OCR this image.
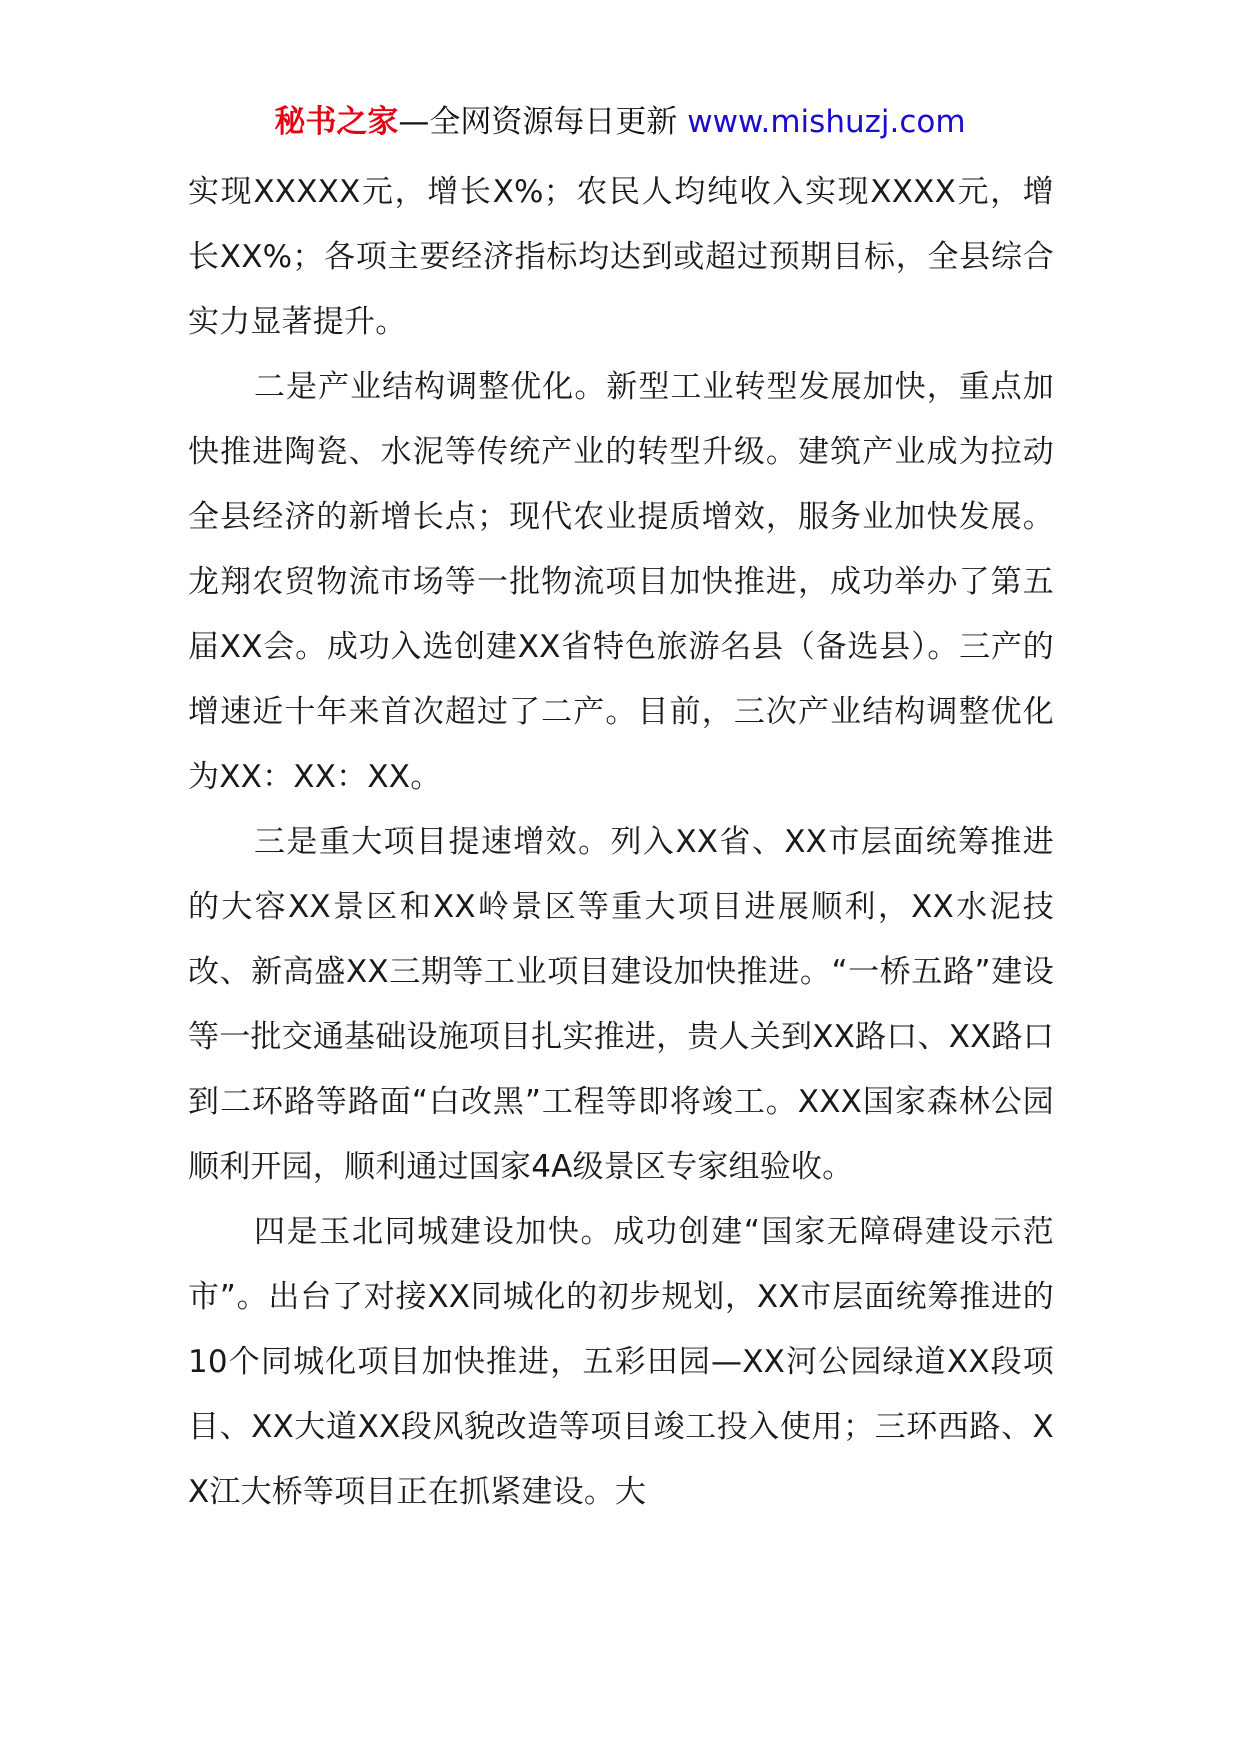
秘书之家—全网资源每日更新 www.mishuzj.com

实现XXXXX元，增长X%；农民人均纯收入实现XXXX元，增长XX%；各项主要经济指标均达到或超过预期目标，全县综合实力显著提升。

二是产业结构调整优化。新型工业转型发展加快，重点加快推进陶瓷、水泥等传统产业的转型升级。建筑产业成为拉动全县经济的新增长点；现代农业提质增效，服务业加快发展。龙翔农贸物流市场等一批物流项目加快推进，成功举办了第五届XX会。成功入选创建XX省特色旅游名县（备选县）。三产的增速近十年来首次超过了二产。目前，三次产业结构调整优化为XX：XX：XX。

三是重大项目提速增效。列入XX省、XX市层面统筹推进的大容XX景区和XX岭景区等重大项目进展顺利，XX水泥技改、新高盛XX三期等工业项目建设加快推进。“一桥五路”建设等一批交通基础设施项目扎实推进，贵人关到XX路口、XX路口到二环路等路面“白改黑”工程等即将竣工。XXX国家森林公园顺利开园，顺利通过国家4A级景区专家组验收。

四是玉北同城建设加快。成功创建“国家无障碍建设示范市”。出台了对接XX同城化的初步规划，XX市层面统筹推进的10个同城化项目加快推进，五彩田园—XX河公园绿道XX段项目、XX大道XX段风貌改造等项目竣工投入使用；三环西路、XX江大桥等项目正在抓紧建设。大
